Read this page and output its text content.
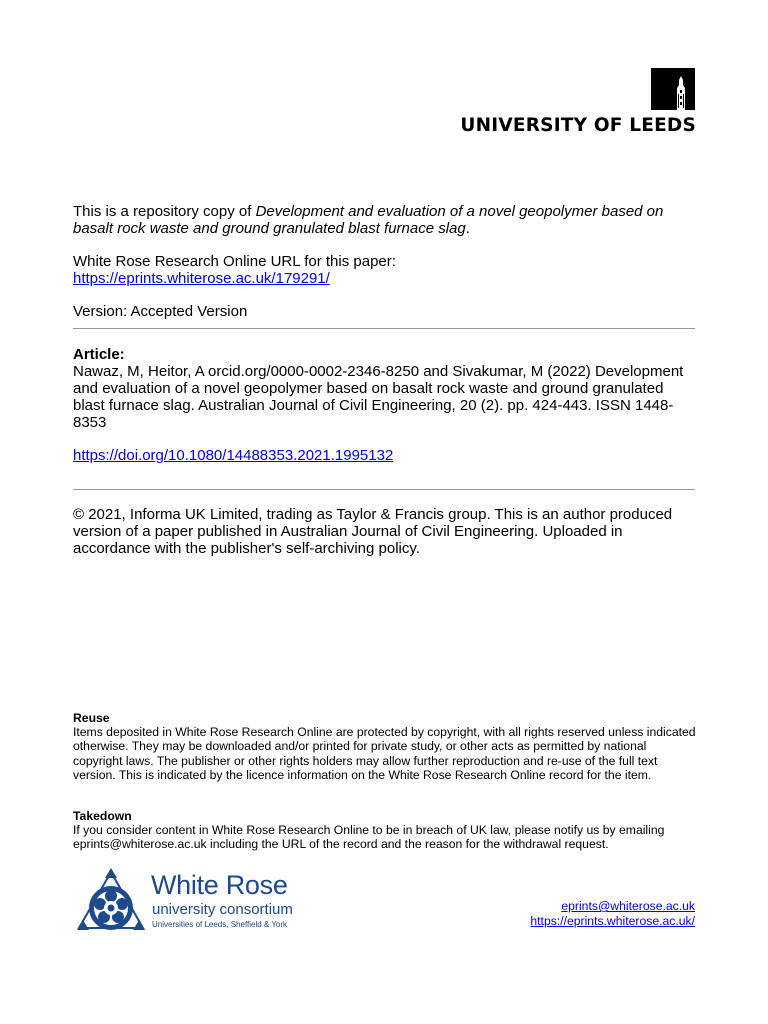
UNIVERSITY OF LEEDS
This is a repository copy of Development and evaluation of a novel geopolymer based on basalt rock waste and ground granulated blast furnace slag.
White Rose Research Online URL for this paper:
https://eprints.whiterose.ac.uk/179291/
Version: Accepted Version
Article:
Nawaz, M, Heitor, A orcid.org/0000-0002-2346-8250 and Sivakumar, M (2022) Development and evaluation of a novel geopolymer based on basalt rock waste and ground granulated blast furnace slag. Australian Journal of Civil Engineering, 20 (2). pp. 424-443. ISSN 1448-8353
https://doi.org/10.1080/14488353.2021.1995132
© 2021, Informa UK Limited, trading as Taylor & Francis group. This is an author produced version of a paper published in Australian Journal of Civil Engineering. Uploaded in accordance with the publisher's self-archiving policy.
Reuse
Items deposited in White Rose Research Online are protected by copyright, with all rights reserved unless indicated otherwise. They may be downloaded and/or printed for private study, or other acts as permitted by national copyright laws. The publisher or other rights holders may allow further reproduction and re-use of the full text version. This is indicated by the licence information on the White Rose Research Online record for the item.
Takedown
If you consider content in White Rose Research Online to be in breach of UK law, please notify us by emailing eprints@whiterose.ac.uk including the URL of the record and the reason for the withdrawal request.
White Rose
university consortium
Universities of Leeds, Sheffield & York
eprints@whiterose.ac.uk
https://eprints.whiterose.ac.uk/
